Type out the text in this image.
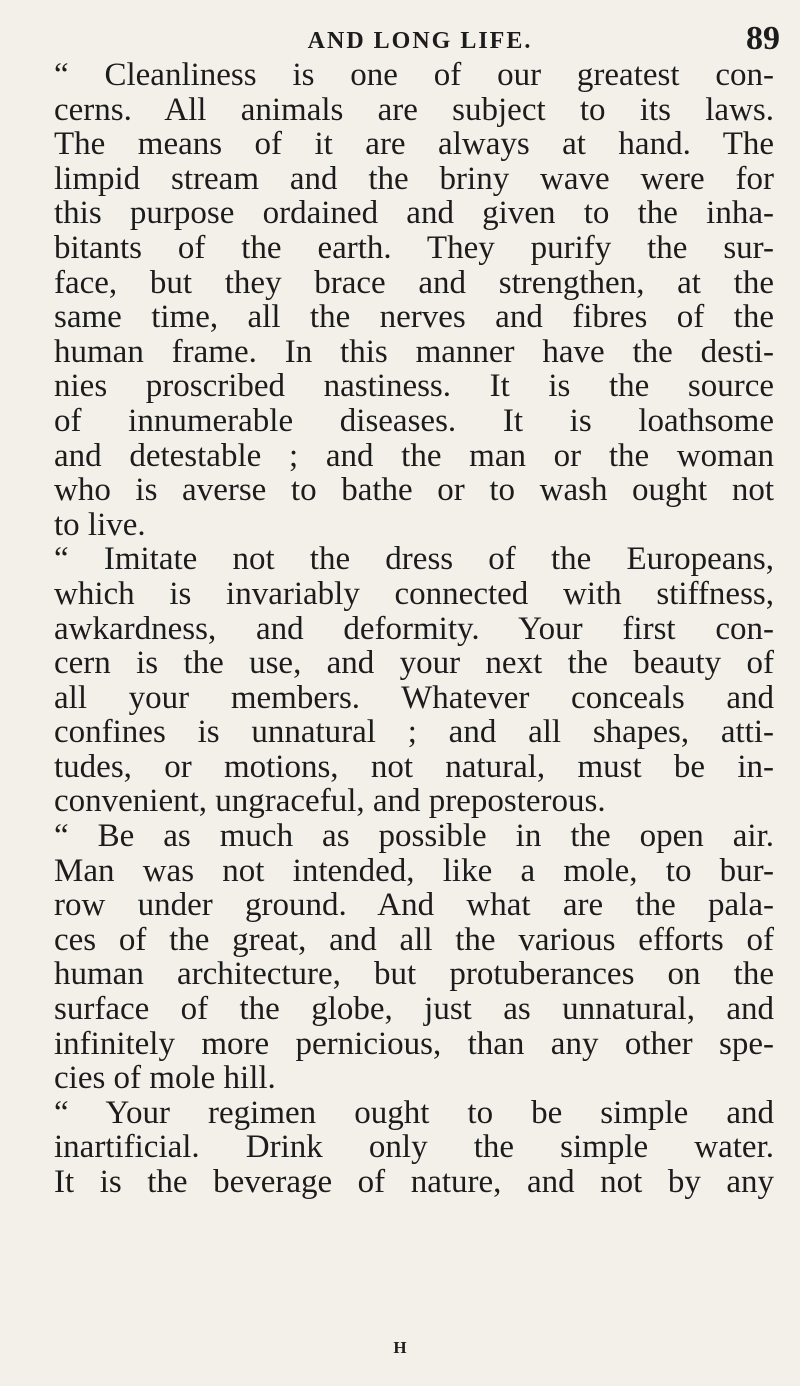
AND LONG LIFE.	89
“ Cleanliness is one of our greatest con-
cerns. All animals are subject to its laws.
The means of it are always at hand. The
limpid stream and the briny wave were for
this purpose ordained and given to the inha-
bitants of the earth. They purify the sur-
face, but they brace and strengthen, at the
same time, all the nerves and fibres of the
human frame. In this manner have the desti-
nies proscribed nastiness. It is the source
of innumerable diseases. It is loathsome
and detestable ; and the man or the woman
who is averse to bathe or to wash ought not
to live.
“ Imitate not the dress of the Europeans,
which is invariably connected with stiffness,
awkardness, and deformity. Your first con-
cern is the use, and your next the beauty of
all your members. Whatever conceals and
confines is unnatural ; and all shapes, atti-
tudes, or motions, not natural, must be in-
convenient, ungraceful, and preposterous.
“ Be as much as possible in the open air.
Man was not intended, like a mole, to bur-
row under ground. And what are the pala-
ces of the great, and all the various efforts of
human architecture, but protuberances on the
surface of the globe, just as unnatural, and
infinitely more pernicious, than any other spe-
cies of mole hill.
“ Your regimen ought to be simple and
inartificial. Drink only the simple water.
It is the beverage of nature, and not by any
H
